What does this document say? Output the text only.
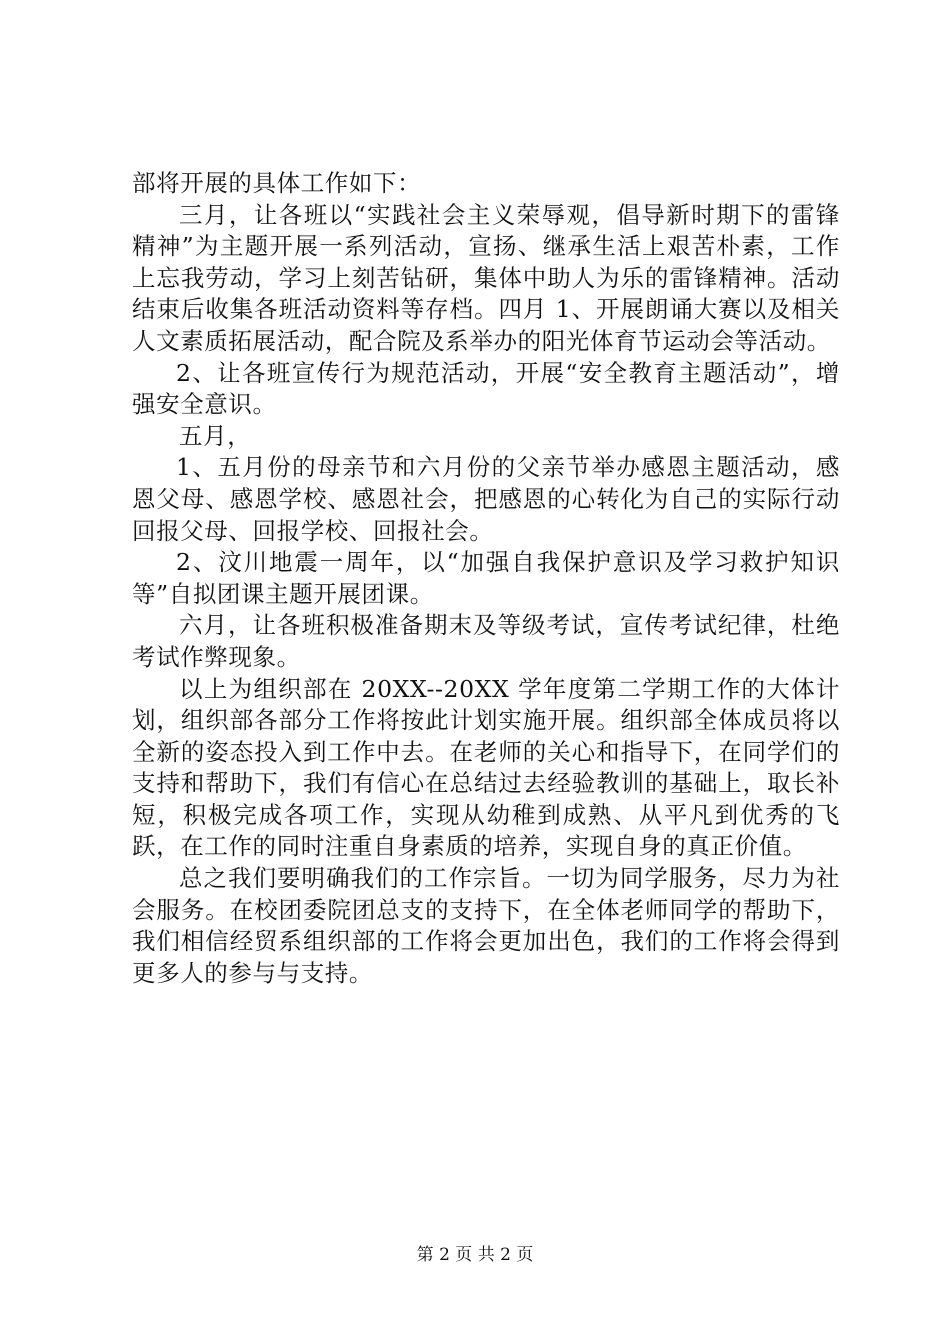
部将开展的具体工作如下：

三月，让各班以“实践社会主义荣辱观，倡导新时期下的雷锋精神”为主题开展一系列活动，宣扬、继承生活上艰苦朴素，工作上忘我劳动，学习上刻苦钻研，集体中助人为乐的雷锋精神。活动结束后收集各班活动资料等存档。四月 1、开展朗诵大赛以及相关人文素质拓展活动，配合院及系举办的阳光体育节运动会等活动。

2、让各班宣传行为规范活动，开展“安全教育主题活动”，增强安全意识。

五月，

1、五月份的母亲节和六月份的父亲节举办感恩主题活动，感恩父母、感恩学校、感恩社会，把感恩的心转化为自己的实际行动回报父母、回报学校、回报社会。

2、汶川地震一周年，以“加强自我保护意识及学习救护知识等”自拟团课主题开展团课。

六月，让各班积极准备期末及等级考试，宣传考试纪律，杜绝考试作弊现象。

以上为组织部在 20XX--20XX 学年度第二学期工作的大体计划，组织部各部分工作将按此计划实施开展。组织部全体成员将以全新的姿态投入到工作中去。在老师的关心和指导下，在同学们的支持和帮助下，我们有信心在总结过去经验教训的基础上，取长补短，积极完成各项工作，实现从幼稚到成熟、从平凡到优秀的飞跃，在工作的同时注重自身素质的培养，实现自身的真正价值。

总之我们要明确我们的工作宗旨。一切为同学服务，尽力为社会服务。在校团委院团总支的支持下，在全体老师同学的帮助下，我们相信经贸系组织部的工作将会更加出色，我们的工作将会得到更多人的参与与支持。

第 2 页 共 2 页
